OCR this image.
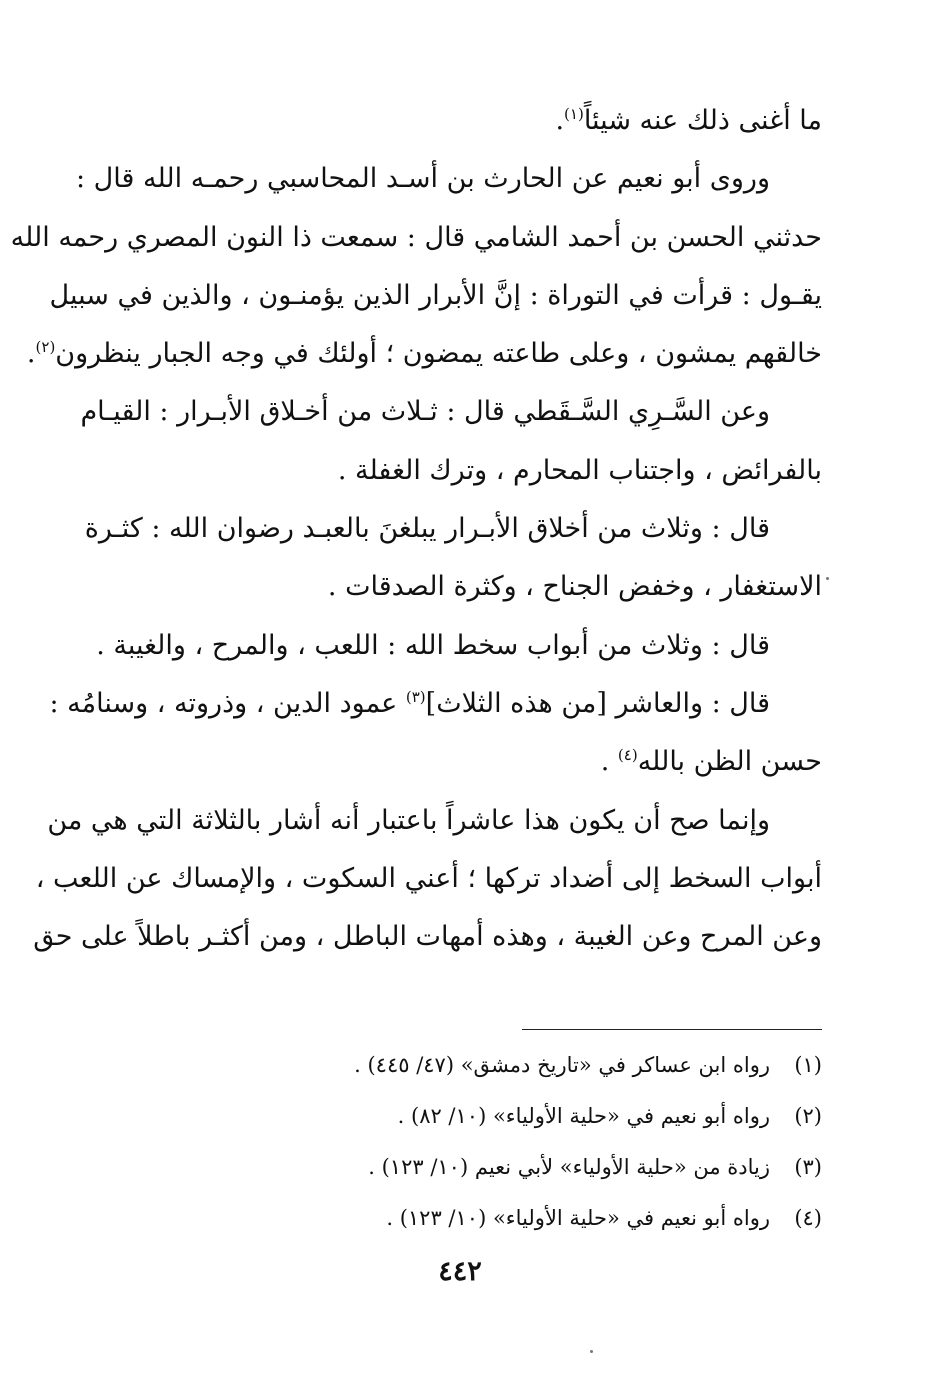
ما أغنى ذلك عنه شيئاً$^{(١)}$.
وروى أبو نعيم عن الحارث بن أسـد المحاسبي رحمـه الله قال :
حدثني الحسن بن أحمد الشامي قال : سمعت ذا النون المصري رحمه الله
يقـول : قرأت في التوراة : إنَّ الأبرار الذين يؤمنـون ، والذين في سبيل
خالقهم يمشون ، وعلى طاعته يمضون ؛ أولئك في وجه الجبار ينظرون$^{(٢)}$.
وعن السَّـرِي السَّـقَطي قال : ثـلاث من أخـلاق الأبـرار : القيـام
بالفرائض ، واجتناب المحارم ، وترك الغفلة .
قال : وثلاث من أخلاق الأبـرار يبلغنَ بالعبـد رضوان الله : كثـرة
الاستغفار ، وخفض الجناح ، وكثرة الصدقات .
قال : وثلاث من أبواب سخط الله : اللعب ، والمرح ، والغيبة .
قال : والعاشر [من هذه الثلاث]$^{(٣)}$ عمود الدين ، وذروته ، وسنامُه :
حسن الظن بالله$^{(٤)}$ .
وإنما صح أن يكون هذا عاشراً باعتبار أنه أشار بالثلاثة التي هي من
أبواب السخط إلى أضداد تركها ؛ أعني السكوت ، والإمساك عن اللعب ،
وعن المرح وعن الغيبة ، وهذه أمهات الباطل ، ومن أكثـر باطلاً على حق
(١)
رواه ابن عساكر في «تاريخ دمشق» (٤٧/ ٤٤٥) .
(٢)
رواه أبو نعيم في «حلية الأولياء» (١٠/ ٨٢) .
(٣)
زيادة من «حلية الأولياء» لأبي نعيم (١٠/ ١٢٣) .
(٤)
رواه أبو نعيم في «حلية الأولياء» (١٠/ ١٢٣) .
٤٤٢
